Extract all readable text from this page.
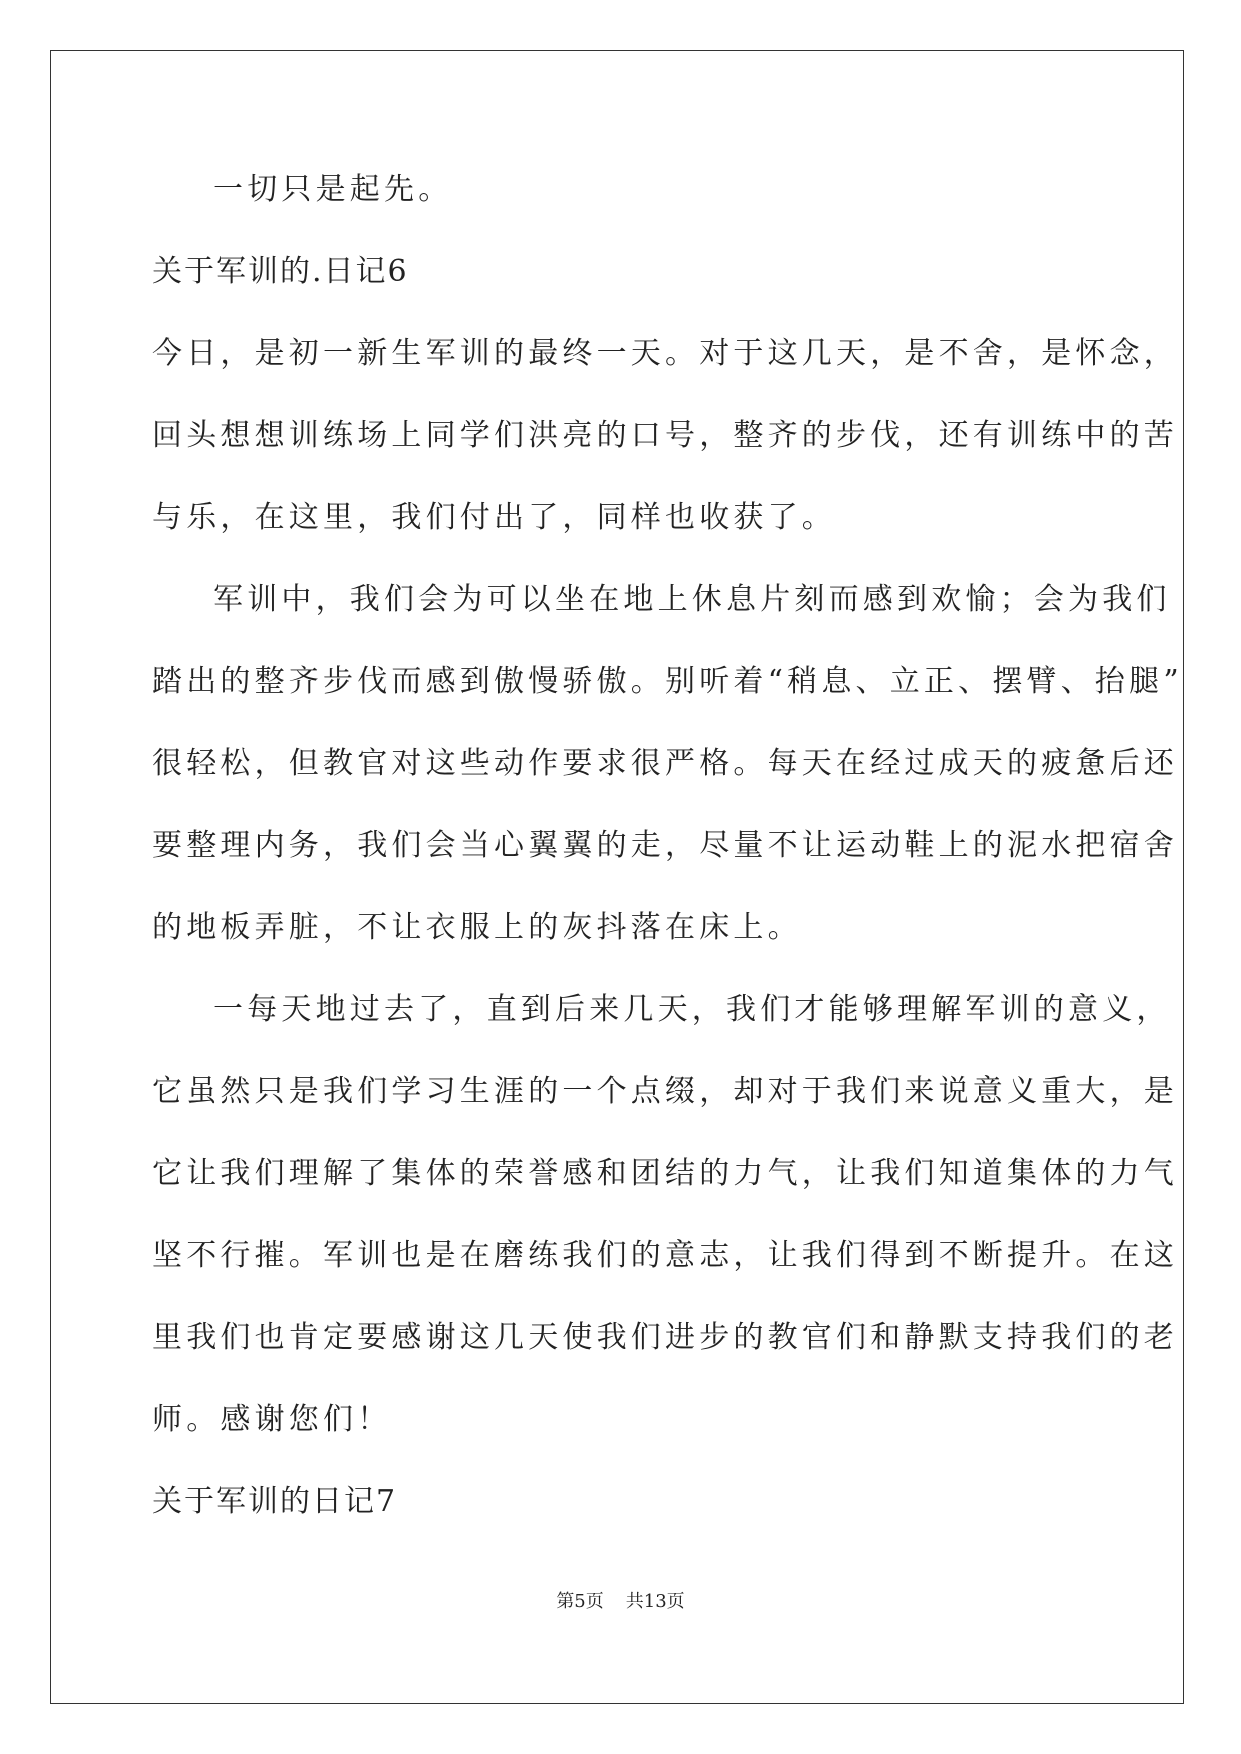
一切只是起先。
关于军训的.日记6
今日，是初一新生军训的最终一天。对于这几天，是不舍，是怀念，
回头想想训练场上同学们洪亮的口号，整齐的步伐，还有训练中的苦
与乐，在这里，我们付出了，同样也收获了。
军训中，我们会为可以坐在地上休息片刻而感到欢愉；会为我们
踏出的整齐步伐而感到傲慢骄傲。别听着“稍息、立正、摆臂、抬腿”
很轻松，但教官对这些动作要求很严格。每天在经过成天的疲惫后还
要整理内务，我们会当心翼翼的走，尽量不让运动鞋上的泥水把宿舍
的地板弄脏，不让衣服上的灰抖落在床上。
一每天地过去了，直到后来几天，我们才能够理解军训的意义，
它虽然只是我们学习生涯的一个点缀，却对于我们来说意义重大，是
它让我们理解了集体的荣誉感和团结的力气，让我们知道集体的力气
坚不行摧。军训也是在磨练我们的意志，让我们得到不断提升。在这
里我们也肯定要感谢这几天使我们进步的教官们和静默支持我们的老
师。感谢您们！
关于军训的日记7
第5页 共13页
